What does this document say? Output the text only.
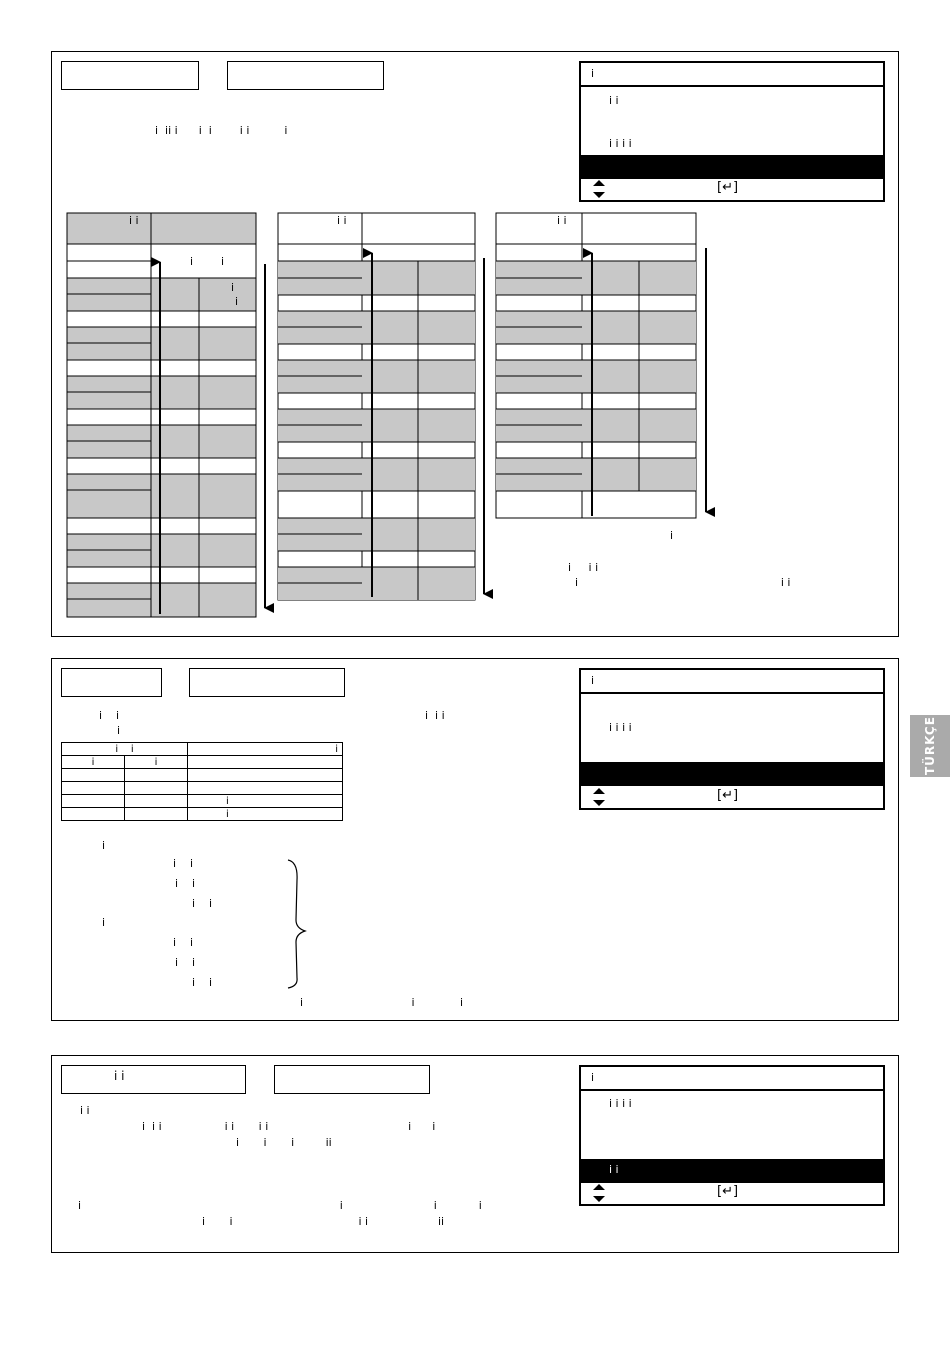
TÜRKÇE
i  ii i      i  i        i i          i
i
i i
i i i i
[↵]
i i
i        i
i
i
i i	i i
i
i     i i
i                                                          i i
i    i
i
i  i i
i    i		i
i	i	

		i
		i
i
i    i
i    i
i    i
i
i    i
i    i
i    i
i                               i             i
i
i i i i
[↵]
i i
i i
i  i i                  i i       i i                                        i      i
i       i       i         ii
i                                                                          i                          i            i
i       i                                    i i                    ii
i
i i i i
i i
[↵]
